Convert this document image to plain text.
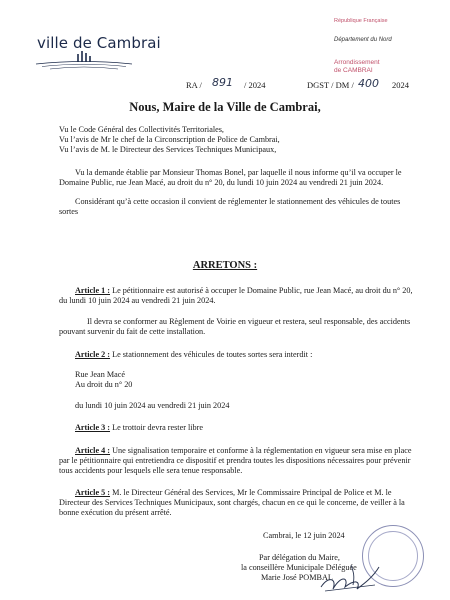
ville de Cambrai
République Française
Département du Nord
Arrondissement
de CAMBRAI
RA / 891 / 2024	DGST / DM / 400 2024
Nous, Maire de la Ville de Cambrai,
Vu le Code Général des Collectivités Territoriales,
Vu l’avis de Mr le chef de la Circonscription de Police de Cambrai,
Vu l’avis de M. le Directeur des Services Techniques Municipaux,
Vu la demande établie par Monsieur Thomas Bonel, par laquelle il nous informe qu’il va occuper le Domaine Public, rue Jean Macé, au droit du n° 20, du lundi 10 juin 2024 au vendredi 21 juin 2024.
Considérant qu’à cette occasion il convient de réglementer le stationnement des véhicules de toutes sortes
ARRETONS :
Article 1 : Le pétitionnaire est autorisé à occuper le Domaine Public, rue Jean Macé, au droit du n° 20, du lundi 10 juin 2024 au vendredi 21 juin 2024.
Il devra se conformer au Règlement de Voirie en vigueur et restera, seul responsable, des accidents pouvant survenir du fait de cette installation.
Article 2 : Le stationnement des véhicules de toutes sortes sera interdit :
Rue Jean Macé
Au droit du n° 20
du lundi 10 juin 2024 au vendredi 21 juin 2024
Article 3 : Le trottoir devra rester libre
Article 4 : Une signalisation temporaire et conforme à la réglementation en vigueur sera mise en place par le pétitionnaire qui entretiendra ce dispositif et prendra toutes les dispositions nécessaires pour prévenir tous accidents pour lesquels elle sera tenue responsable.
Article 5 : M. le Directeur Général des Services, Mr le Commissaire Principal de Police et M. le Directeur des Services Techniques Municipaux, sont chargés, chacun en ce qui le concerne, de veiller à la bonne exécution du présent arrêté.
Cambrai, le 12 juin 2024
Par délégation du Maire,
la conseillère Municipale Déléguée
Marie José POMBAL
